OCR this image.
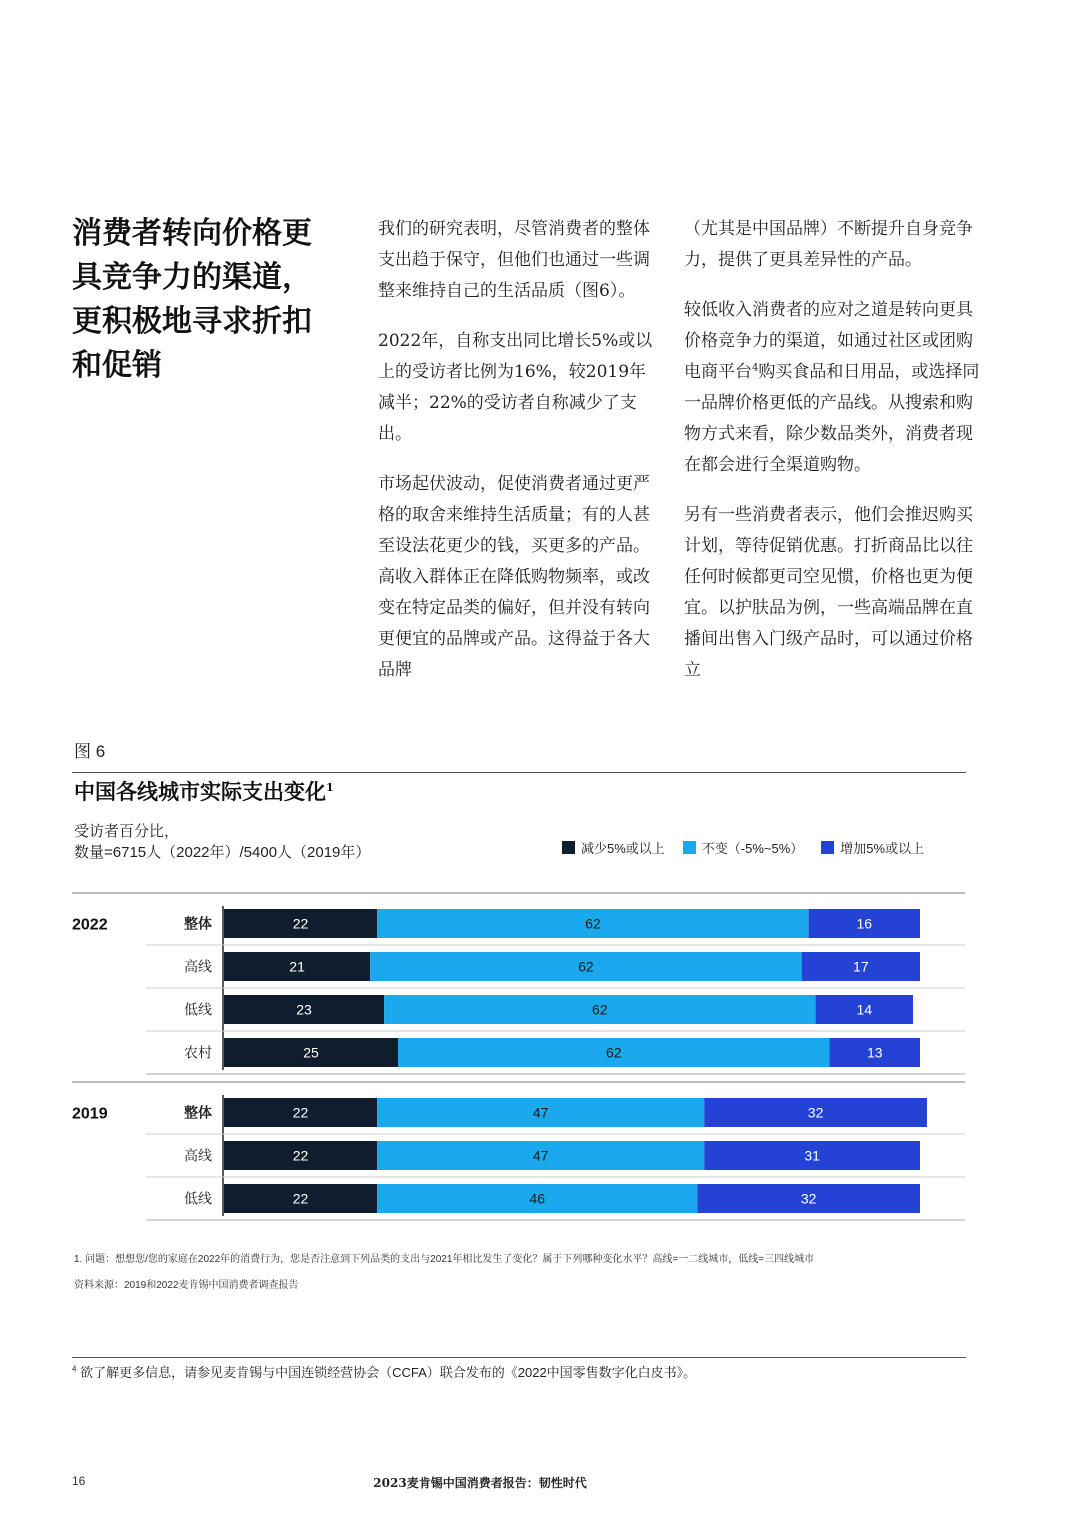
消费者转向价格更具竞争力的渠道，更积极地寻求折扣和促销

我们的研究表明，尽管消费者的整体支出趋于保守，但他们也通过一些调整来维持自己的生活品质（图6）。

2022年，自称支出同比增长5%或以上的受访者比例为16%，较2019年减半；22%的受访者自称减少了支出。

市场起伏波动，促使消费者通过更严格的取舍来维持生活质量；有的人甚至设法花更少的钱，买更多的产品。高收入群体正在降低购物频率，或改变在特定品类的偏好，但并没有转向更便宜的品牌或产品。这得益于各大品牌

（尤其是中国品牌）不断提升自身竞争力，提供了更具差异性的产品。

较低收入消费者的应对之道是转向更具价格竞争力的渠道，如通过社区或团购电商平台$^4$购买食品和日用品，或选择同一品牌价格更低的产品线。从搜索和购物方式来看，除少数品类外，消费者现在都会进行全渠道购物。

另有一些消费者表示，他们会推迟购买计划，等待促销优惠。打折商品比以往任何时候都更司空见惯，价格也更为便宜。以护肤品为例，一些高端品牌在直播间出售入门级产品时，可以通过价格立

图 6
中国各线城市实际支出变化$^1$
受访者百分比，
数量=6715人（2022年）/5400人（2019年）	减少5%或以上	不变（-5%~5%）	增加5%或以上
2022	整体	22	62	16
高线	21	62	17
低线	23	62	14
农村	25	62	13
2019	整体	22	47	32
高线	22	47	31
低线	22	46	32
1. 问题：想想您/您的家庭在2022年的消费行为，您是否注意到下列品类的支出与2021年相比发生了变化？属于下列哪种变化水平？高线=一二线城市，低线=三四线城市
资料来源：2019和2022麦肯锡中国消费者调查报告
$^4$ 欲了解更多信息，请参见麦肯锡与中国连锁经营协会（CCFA）联合发布的《2022中国零售数字化白皮书》。
16	2023麦肯锡中国消费者报告：韧性时代
